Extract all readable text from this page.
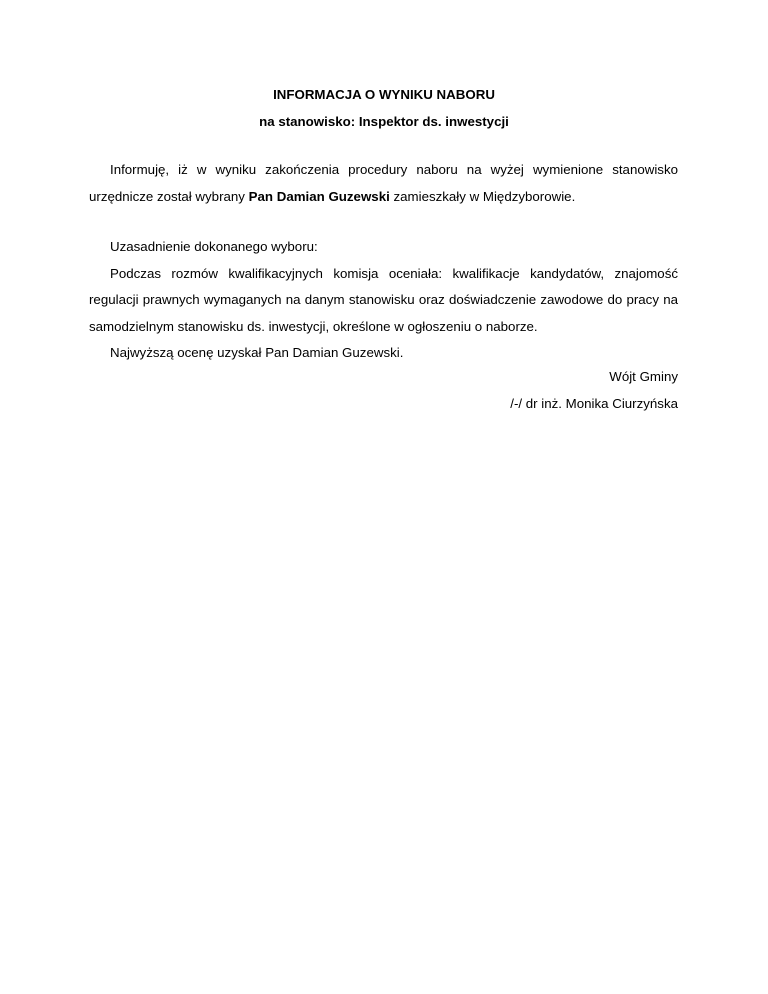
INFORMACJA O WYNIKU NABORU
na stanowisko: Inspektor ds. inwestycji

Informuję, iż w wyniku zakończenia procedury naboru na wyżej wymienione stanowisko urzędnicze został wybrany Pan Damian Guzewski zamieszkały w Międzyborowie.

Uzasadnienie dokonanego wyboru:

Podczas rozmów kwalifikacyjnych komisja oceniała: kwalifikacje kandydatów, znajomość regulacji prawnych wymaganych na danym stanowisku oraz doświadczenie zawodowe do pracy na samodzielnym stanowisku ds. inwestycji, określone w ogłoszeniu o naborze.

Najwyższą ocenę uzyskał Pan Damian Guzewski.

Wójt Gminy
/-/ dr inż. Monika Ciurzyńska
